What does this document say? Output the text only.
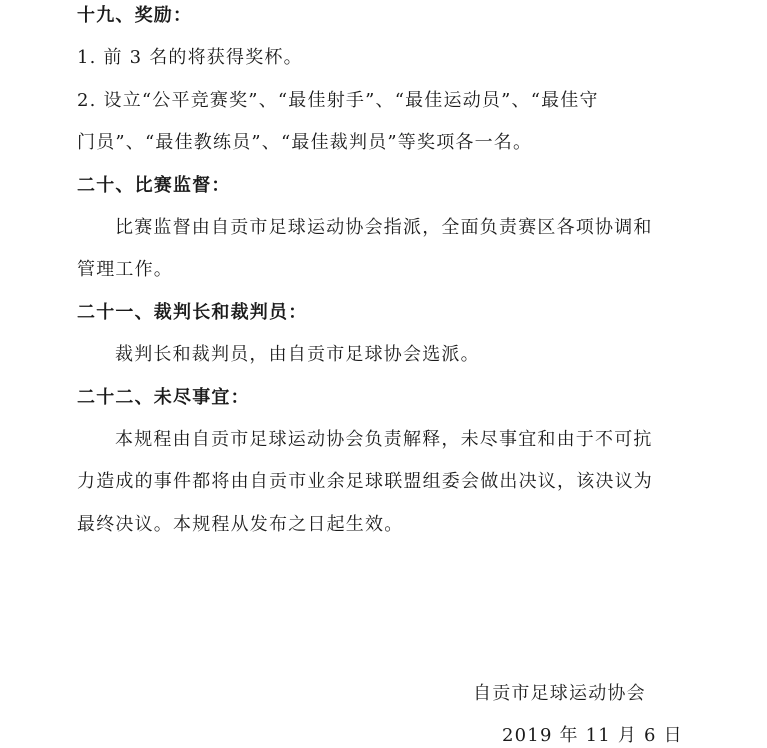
十九、奖励：
1. 前 3 名的将获得奖杯。
2. 设立“公平竞赛奖”、“最佳射手”、“最佳运动员”、“最佳守
门员”、“最佳教练员”、“最佳裁判员”等奖项各一名。
二十、比赛监督：
比赛监督由自贡市足球运动协会指派，全面负责赛区各项协调和
管理工作。
二十一、裁判长和裁判员：
裁判长和裁判员，由自贡市足球协会选派。
二十二、未尽事宜：
本规程由自贡市足球运动协会负责解释，未尽事宜和由于不可抗
力造成的事件都将由自贡市业余足球联盟组委会做出决议，该决议为
最终决议。本规程从发布之日起生效。
自贡市足球运动协会
2019 年 11 月 6 日
